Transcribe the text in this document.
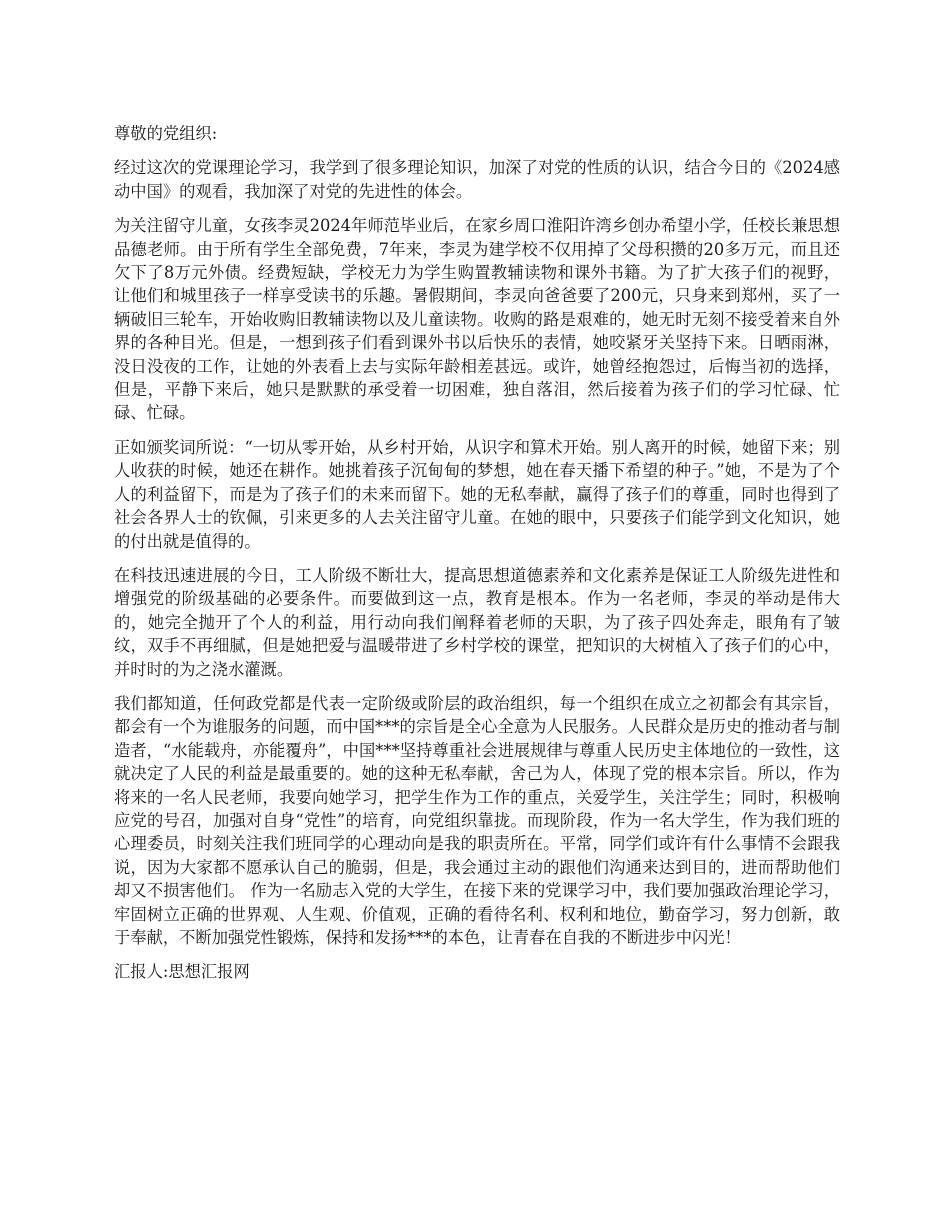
尊敬的党组织:

经过这次的党课理论学习，我学到了很多理论知识，加深了对党的性质的认识，结合今日的《2024感动中国》的观看，我加深了对党的先进性的体会。

为关注留守儿童，女孩李灵2024年师范毕业后，在家乡周口淮阳许湾乡创办希望小学，任校长兼思想品德老师。由于所有学生全部免费，7年来，李灵为建学校不仅用掉了父母积攒的20多万元，而且还欠下了8万元外债。经费短缺，学校无力为学生购置教辅读物和课外书籍。为了扩大孩子们的视野，让他们和城里孩子一样享受读书的乐趣。暑假期间，李灵向爸爸要了200元，只身来到郑州，买了一辆破旧三轮车，开始收购旧教辅读物以及儿童读物。收购的路是艰难的，她无时无刻不接受着来自外界的各种目光。但是，一想到孩子们看到课外书以后快乐的表情，她咬紧牙关坚持下来。日晒雨淋，没日没夜的工作，让她的外表看上去与实际年龄相差甚远。或许，她曾经抱怨过，后悔当初的选择，但是，平静下来后，她只是默默的承受着一切困难，独自落泪，然后接着为孩子们的学习忙碌、忙碌、忙碌。

正如颁奖词所说：“一切从零开始，从乡村开始，从识字和算术开始。别人离开的时候，她留下来；别人收获的时候，她还在耕作。她挑着孩子沉甸甸的梦想，她在春天播下希望的种子。”她，不是为了个人的利益留下，而是为了孩子们的未来而留下。她的无私奉献，赢得了孩子们的尊重，同时也得到了社会各界人士的钦佩，引来更多的人去关注留守儿童。在她的眼中，只要孩子们能学到文化知识，她的付出就是值得的。

在科技迅速进展的今日，工人阶级不断壮大，提高思想道德素养和文化素养是保证工人阶级先进性和增强党的阶级基础的必要条件。而要做到这一点，教育是根本。作为一名老师，李灵的举动是伟大的，她完全抛开了个人的利益，用行动向我们阐释着老师的天职，为了孩子四处奔走，眼角有了皱纹，双手不再细腻，但是她把爱与温暖带进了乡村学校的课堂，把知识的大树植入了孩子们的心中，并时时的为之浇水灌溉。

我们都知道，任何政党都是代表一定阶级或阶层的政治组织，每一个组织在成立之初都会有其宗旨，都会有一个为谁服务的问题，而中国***的宗旨是全心全意为人民服务。人民群众是历史的推动者与制造者，“水能载舟，亦能覆舟”，中国***坚持尊重社会进展规律与尊重人民历史主体地位的一致性，这就决定了人民的利益是最重要的。她的这种无私奉献，舍己为人，体现了党的根本宗旨。所以，作为将来的一名人民老师，我要向她学习，把学生作为工作的重点，关爱学生，关注学生；同时，积极响应党的号召，加强对自身“党性”的培育，向党组织靠拢。而现阶段，作为一名大学生，作为我们班的心理委员，时刻关注我们班同学的心理动向是我的职责所在。平常，同学们或许有什么事情不会跟我说，因为大家都不愿承认自己的脆弱，但是，我会通过主动的跟他们沟通来达到目的，进而帮助他们却又不损害他们。 作为一名励志入党的大学生，在接下来的党课学习中，我们要加强政治理论学习，牢固树立正确的世界观、人生观、价值观，正确的看待名利、权利和地位，勤奋学习，努力创新，敢于奉献，不断加强党性锻炼，保持和发扬***的本色，让青春在自我的不断进步中闪光！

汇报人:思想汇报网
